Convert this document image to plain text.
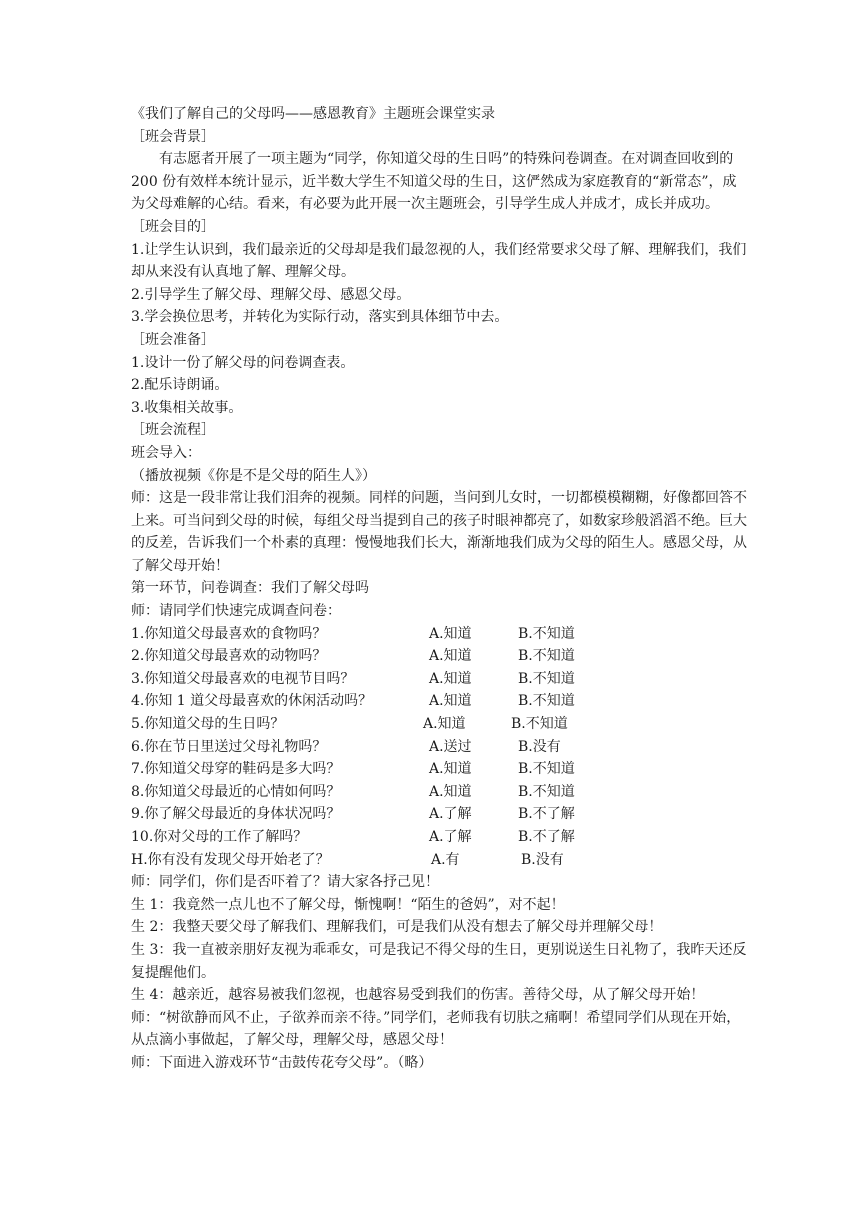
《我们了解自己的父母吗——感恩教育》主题班会课堂实录
［班会背景］
有志愿者开展了一项主题为“同学，你知道父母的生日吗”的特殊问卷调查。在对调查回收到的 200 份有效样本统计显示，近半数大学生不知道父母的生日，这俨然成为家庭教育的“新常态”，成为父母难解的心结。看来，有必要为此开展一次主题班会，引导学生成人并成才，成长并成功。
［班会目的］
1.让学生认识到，我们最亲近的父母却是我们最忽视的人，我们经常要求父母了解、理解我们，我们却从来没有认真地了解、理解父母。
2.引导学生了解父母、理解父母、感恩父母。
3.学会换位思考，并转化为实际行动，落实到具体细节中去。
［班会准备］
1.设计一份了解父母的问卷调查表。
2.配乐诗朗诵。
3.收集相关故事。
［班会流程］
班会导入：
（播放视频《你是不是父母的陌生人》）
师：这是一段非常让我们泪奔的视频。同样的问题，当问到儿女时，一切都模模糊糊，好像都回答不上来。可当问到父母的时候，每组父母当提到自己的孩子时眼神都亮了，如数家珍般滔滔不绝。巨大的反差，告诉我们一个朴素的真理：慢慢地我们长大，渐渐地我们成为父母的陌生人。感恩父母，从了解父母开始！
第一环节，问卷调查：我们了解父母吗
师：请同学们快速完成调查问卷：
1.你知道父母最喜欢的食物吗？	A.知道	B.不知道
2.你知道父母最喜欢的动物吗？	A.知道	B.不知道
3.你知道父母最喜欢的电视节目吗？	A.知道	B.不知道
4.你知 1 道父母最喜欢的休闲活动吗？	A.知道	B.不知道
5.你知道父母的生日吗？	A.知道	B.不知道
6.你在节日里送过父母礼物吗？	A.送过	B.没有
7.你知道父母穿的鞋码是多大吗？	A.知道	B.不知道
8.你知道父母最近的心情如何吗？	A.知道	B.不知道
9.你了解父母最近的身体状况吗？	A.了解	B.不了解
10.你对父母的工作了解吗？	A.了解	B.不了解
H.你有没有发现父母开始老了？	A.有	B.没有
师：同学们，你们是否吓着了？请大家各抒己见！
生 1：我竟然一点儿也不了解父母，惭愧啊！“陌生的爸妈”，对不起！
生 2：我整天要父母了解我们、理解我们，可是我们从没有想去了解父母并理解父母！
生 3：我一直被亲朋好友视为乖乖女，可是我记不得父母的生日，更别说送生日礼物了，我昨天还反复提醒他们。
生 4：越亲近，越容易被我们忽视，也越容易受到我们的伤害。善待父母，从了解父母开始！
师：“树欲静而风不止，子欲养而亲不待。”同学们，老师我有切肤之痛啊！希望同学们从现在开始，从点滴小事做起，了解父母，理解父母，感恩父母！
师：下面进入游戏环节“击鼓传花夸父母”。（略）
